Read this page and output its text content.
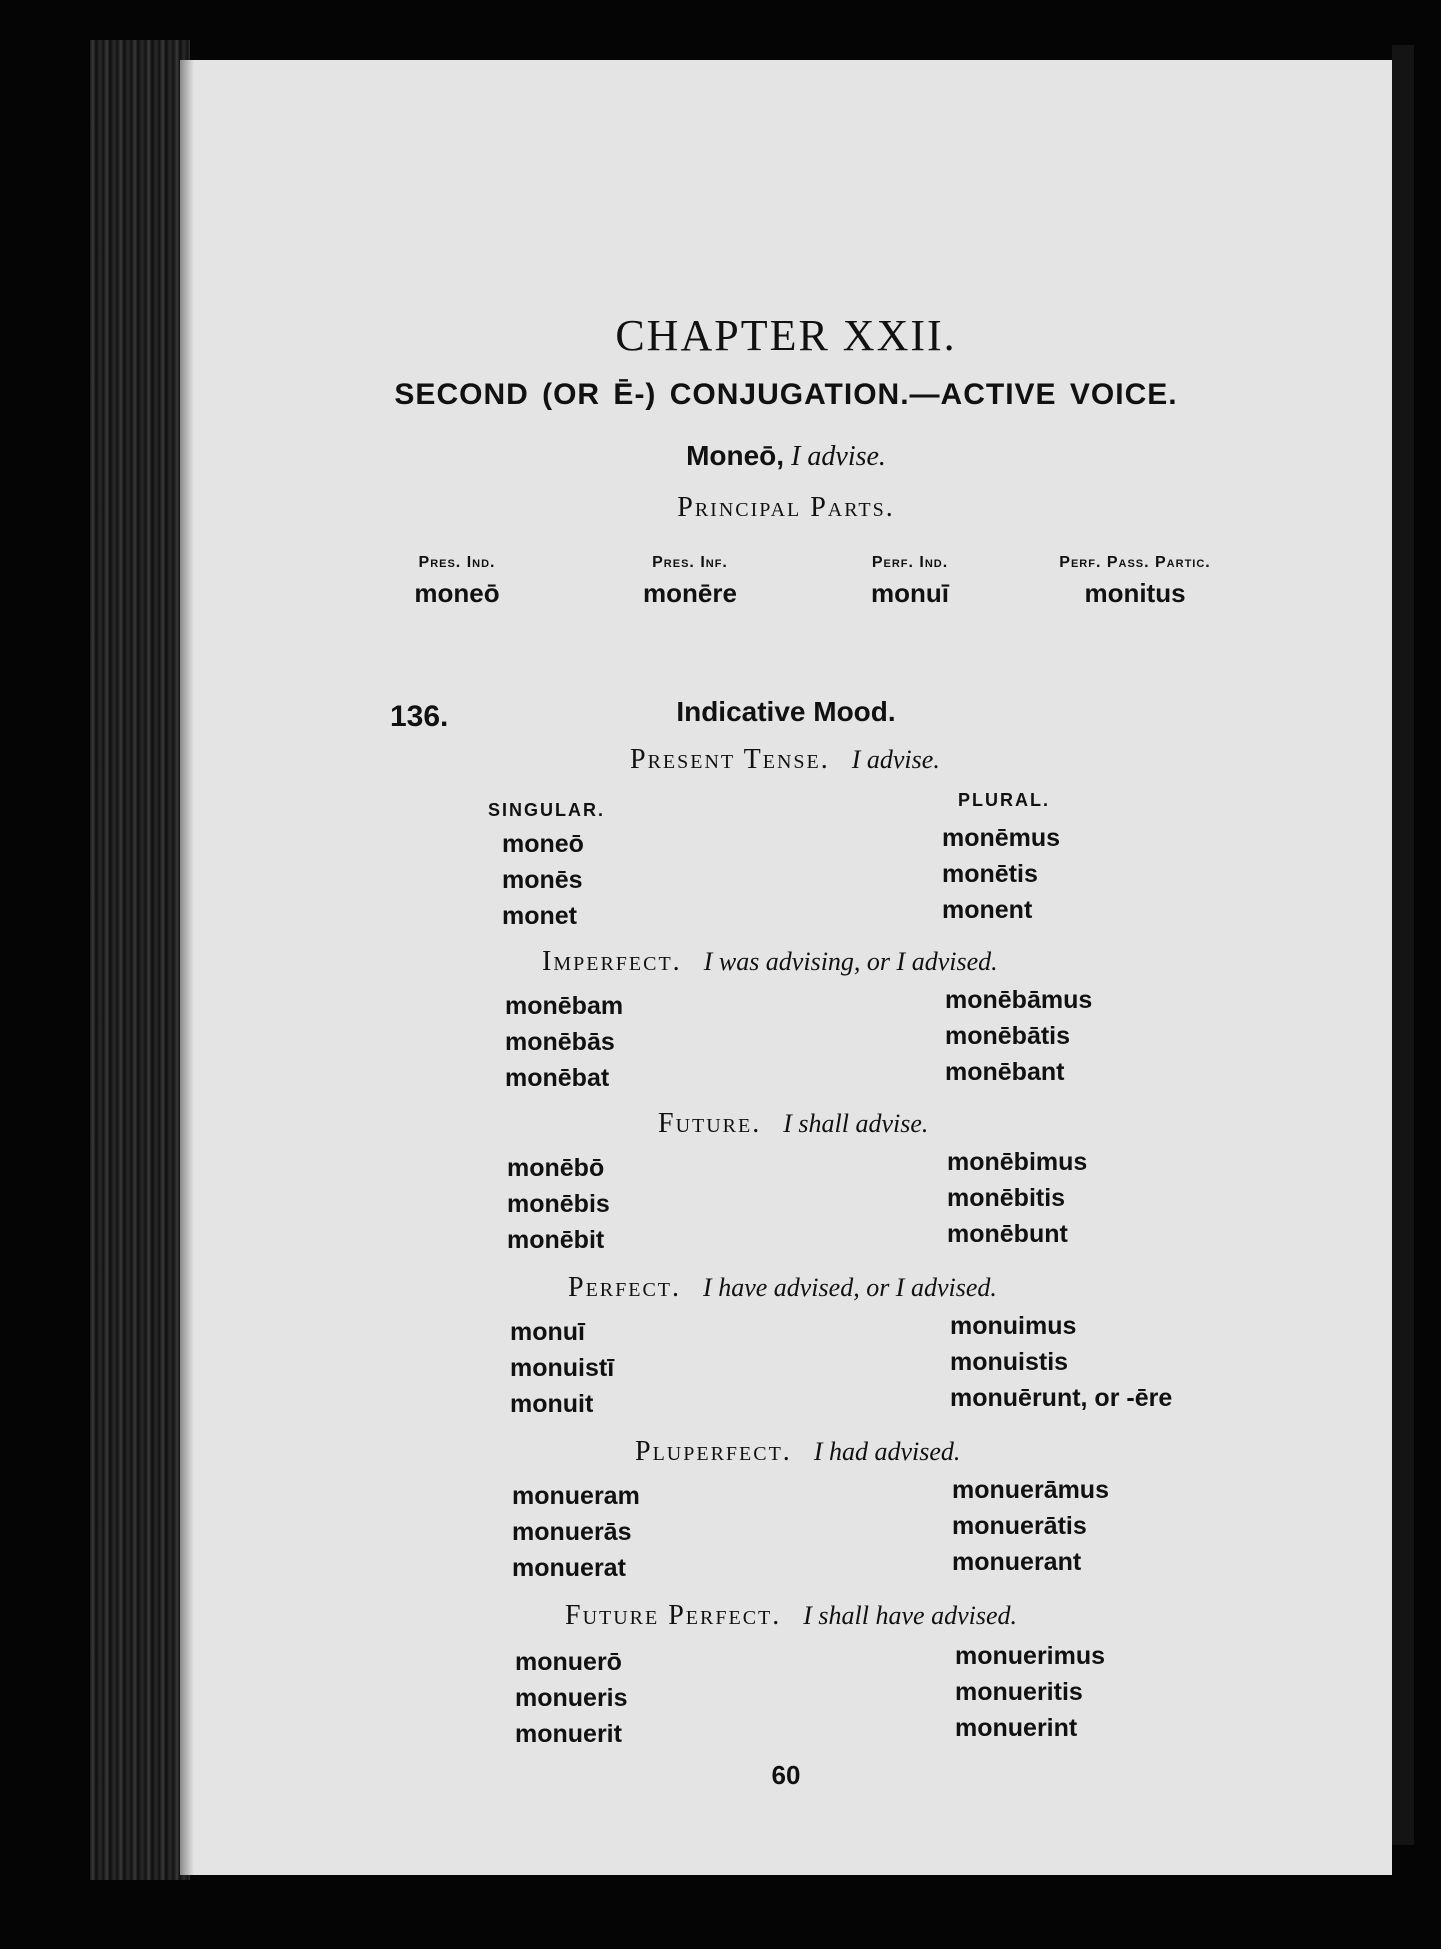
CHAPTER XXII.
SECOND (OR Ē-) CONJUGATION.—ACTIVE VOICE.
Moneō, I advise.
Principal Parts.
Pres. Ind.
moneō
Pres. Inf.
monēre
Perf. Ind.
monuī
Perf. Pass. Partic.
monitus
136.	Indicative Mood.
Present Tense. I advise.
SINGULAR.	PLURAL.
moneō
monēs
monet
monēmus
monētis
monent
Imperfect. I was advising, or I advised.
monēbam
monēbās
monēbat
monēbāmus
monēbātis
monēbant
Future. I shall advise.
monēbō
monēbis
monēbit
monēbimus
monēbitis
monēbunt
Perfect. I have advised, or I advised.
monuī
monuistī
monuit
monuimus
monuistis
monuērunt, or -ēre
Pluperfect. I had advised.
monueram
monuerās
monuerat
monuerāmus
monuerātis
monuerant
Future Perfect. I shall have advised.
monuerō
monueris
monuerit
monuerimus
monueritis
monuerint
60
